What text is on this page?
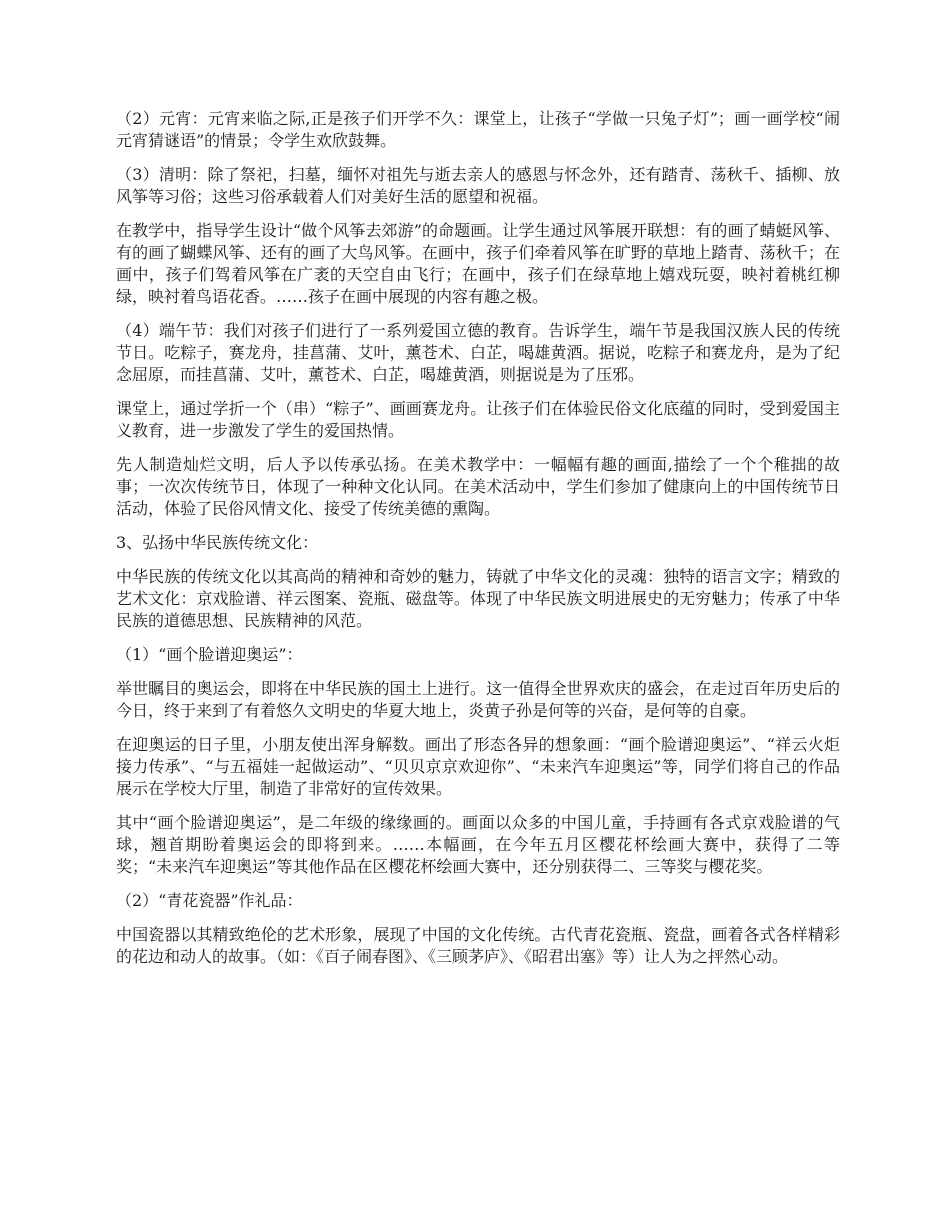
（2）元宵：元宵来临之际,正是孩子们开学不久：课堂上，让孩子“学做一只兔子灯”；画一画学校“闹元宵猜谜语”的情景；令学生欢欣鼓舞。

（3）清明：除了祭祀，扫墓，缅怀对祖先与逝去亲人的感恩与怀念外，还有踏青、荡秋千、插柳、放风筝等习俗；这些习俗承载着人们对美好生活的愿望和祝福。

在教学中，指导学生设计“做个风筝去郊游”的命题画。让学生通过风筝展开联想：有的画了蜻蜓风筝、有的画了蝴蝶风筝、还有的画了大鸟风筝。在画中，孩子们牵着风筝在旷野的草地上踏青、荡秋千；在画中，孩子们驾着风筝在广袤的天空自由飞行；在画中，孩子们在绿草地上嬉戏玩耍，映衬着桃红柳绿，映衬着鸟语花香。……孩子在画中展现的内容有趣之极。

（4）端午节：我们对孩子们进行了一系列爱国立德的教育。告诉学生，端午节是我国汉族人民的传统节日。吃粽子，赛龙舟，挂菖蒲、艾叶，薰苍术、白芷，喝雄黄酒。据说，吃粽子和赛龙舟，是为了纪念屈原，而挂菖蒲、艾叶，薰苍术、白芷，喝雄黄酒，则据说是为了压邪。

课堂上，通过学折一个（串）“粽子”、画画赛龙舟。让孩子们在体验民俗文化底蕴的同时，受到爱国主义教育，进一步激发了学生的爱国热情。

先人制造灿烂文明，后人予以传承弘扬。在美术教学中：一幅幅有趣的画面,描绘了一个个稚拙的故事；一次次传统节日，体现了一种种文化认同。在美术活动中，学生们参加了健康向上的中国传统节日活动，体验了民俗风情文化、接受了传统美德的熏陶。

3、弘扬中华民族传统文化：

中华民族的传统文化以其高尚的精神和奇妙的魅力，铸就了中华文化的灵魂：独特的语言文字；精致的艺术文化：京戏脸谱、祥云图案、瓷瓶、磁盘等。体现了中华民族文明进展史的无穷魅力；传承了中华民族的道德思想、民族精神的风范。

（1）“画个脸谱迎奥运”：

举世瞩目的奥运会，即将在中华民族的国土上进行。这一值得全世界欢庆的盛会，在走过百年历史后的今日，终于来到了有着悠久文明史的华夏大地上，炎黄子孙是何等的兴奋，是何等的自豪。

在迎奥运的日子里，小朋友使出浑身解数。画出了形态各异的想象画：“画个脸谱迎奥运”、“祥云火炬接力传承”、“与五福娃一起做运动”、“贝贝京京欢迎你”、“未来汽车迎奥运”等，同学们将自己的作品展示在学校大厅里，制造了非常好的宣传效果。

其中“画个脸谱迎奥运”，是二年级的缘缘画的。画面以众多的中国儿童，手持画有各式京戏脸谱的气球，翘首期盼着奥运会的即将到来。……本幅画，在今年五月区樱花杯绘画大赛中，获得了二等奖；“未来汽车迎奥运”等其他作品在区樱花杯绘画大赛中，还分别获得二、三等奖与樱花奖。

（2）“青花瓷器”作礼品：

中国瓷器以其精致绝伦的艺术形象，展现了中国的文化传统。古代青花瓷瓶、瓷盘，画着各式各样精彩的花边和动人的故事。（如：《百子闹春图》、《三顾茅庐》、《昭君出塞》等）让人为之抨然心动。
